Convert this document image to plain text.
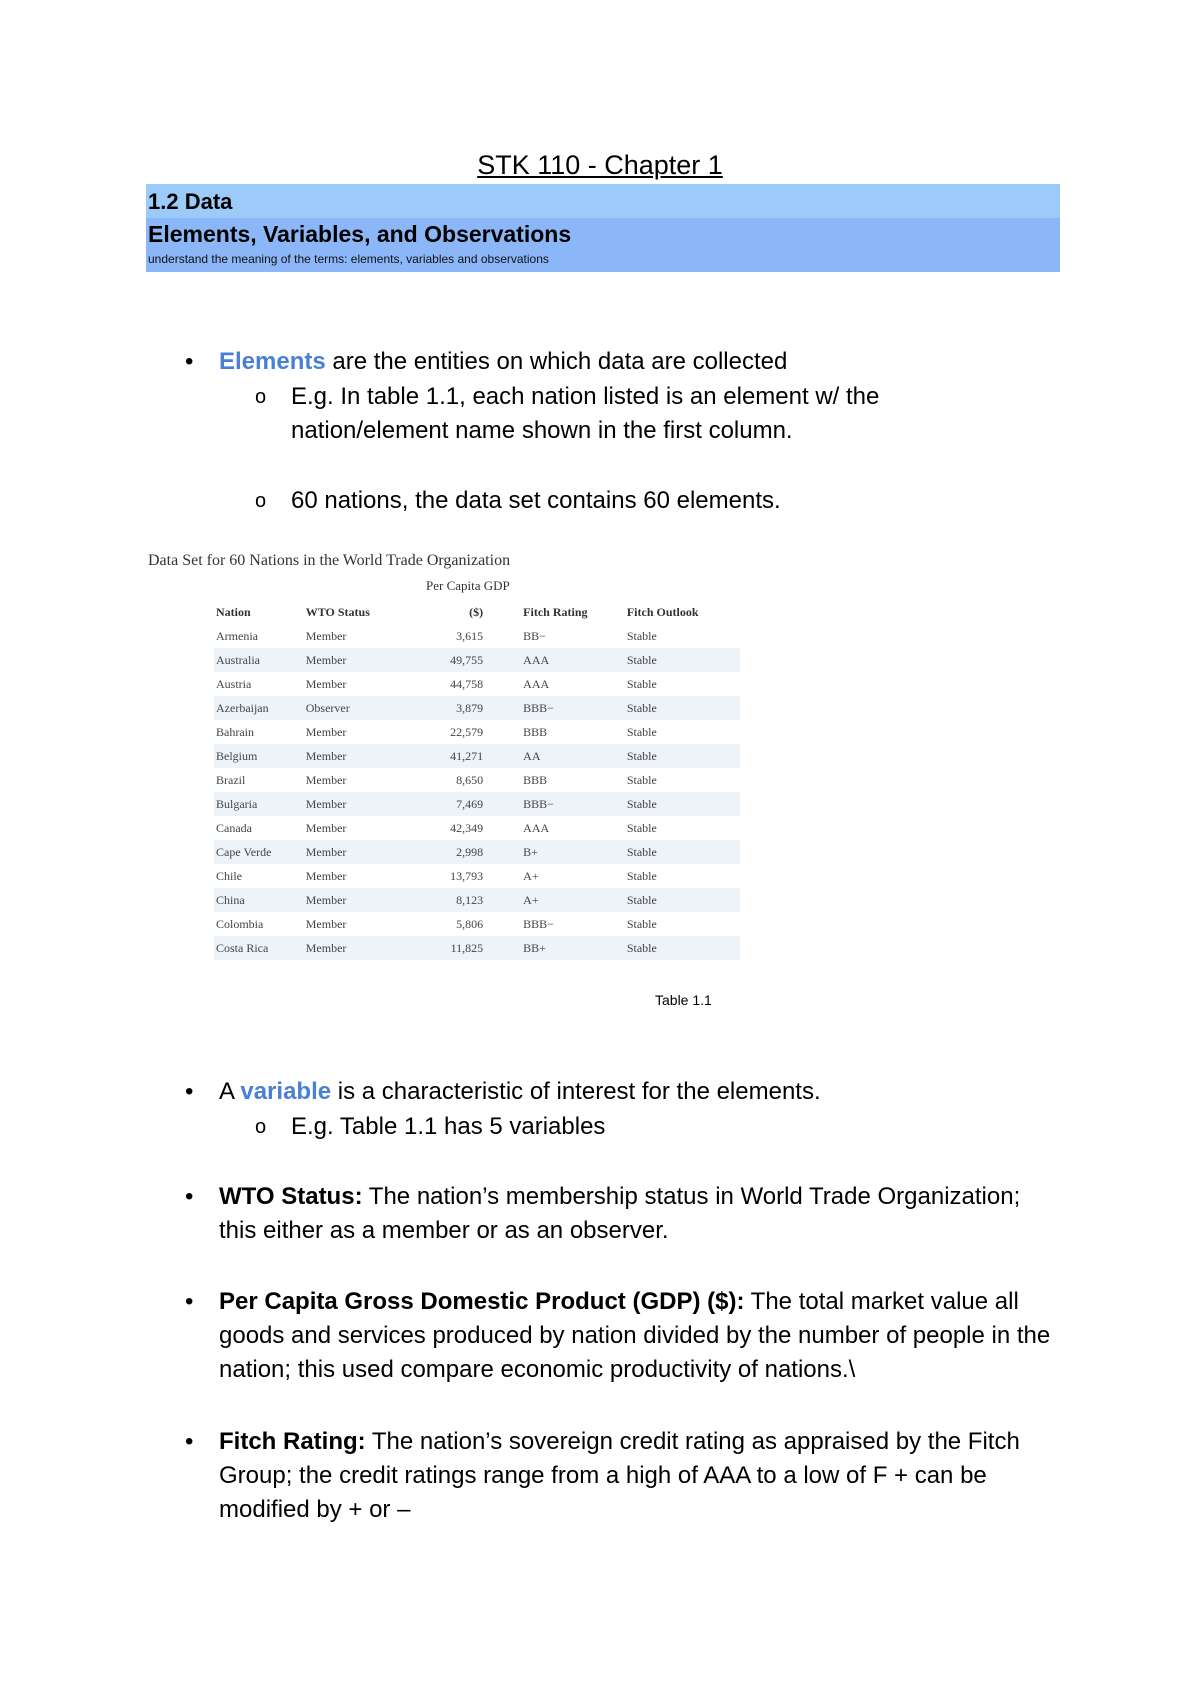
STK 110 - Chapter 1
1.2 Data
Elements, Variables, and Observations
understand the meaning of the terms: elements, variables and observations
• Elements are the entities on which data are collected
o E.g. In table 1.1, each nation listed is an element w/ the nation/element name shown in the first column.
o 60 nations, the data set contains 60 elements.
Data Set for 60 Nations in the World Trade Organization
Per Capita GDP
Nation	WTO Status	($)	Fitch Rating	Fitch Outlook
Armenia	Member	3,615	BB−	Stable
Australia	Member	49,755	AAA	Stable
Austria	Member	44,758	AAA	Stable
Azerbaijan	Observer	3,879	BBB−	Stable
Bahrain	Member	22,579	BBB	Stable
Belgium	Member	41,271	AA	Stable
Brazil	Member	8,650	BBB	Stable
Bulgaria	Member	7,469	BBB−	Stable
Canada	Member	42,349	AAA	Stable
Cape Verde	Member	2,998	B+	Stable
Chile	Member	13,793	A+	Stable
China	Member	8,123	A+	Stable
Colombia	Member	5,806	BBB−	Stable
Costa Rica	Member	11,825	BB+	Stable
Table 1.1
• A variable is a characteristic of interest for the elements.
o E.g. Table 1.1 has 5 variables
• WTO Status: The nation’s membership status in World Trade Organization; this either as a member or as an observer.
• Per Capita Gross Domestic Product (GDP) ($): The total market value all goods and services produced by nation divided by the number of people in the nation; this used compare economic productivity of nations.\
• Fitch Rating: The nation’s sovereign credit rating as appraised by the Fitch Group; the credit ratings range from a high of AAA to a low of F + can be modified by + or –
